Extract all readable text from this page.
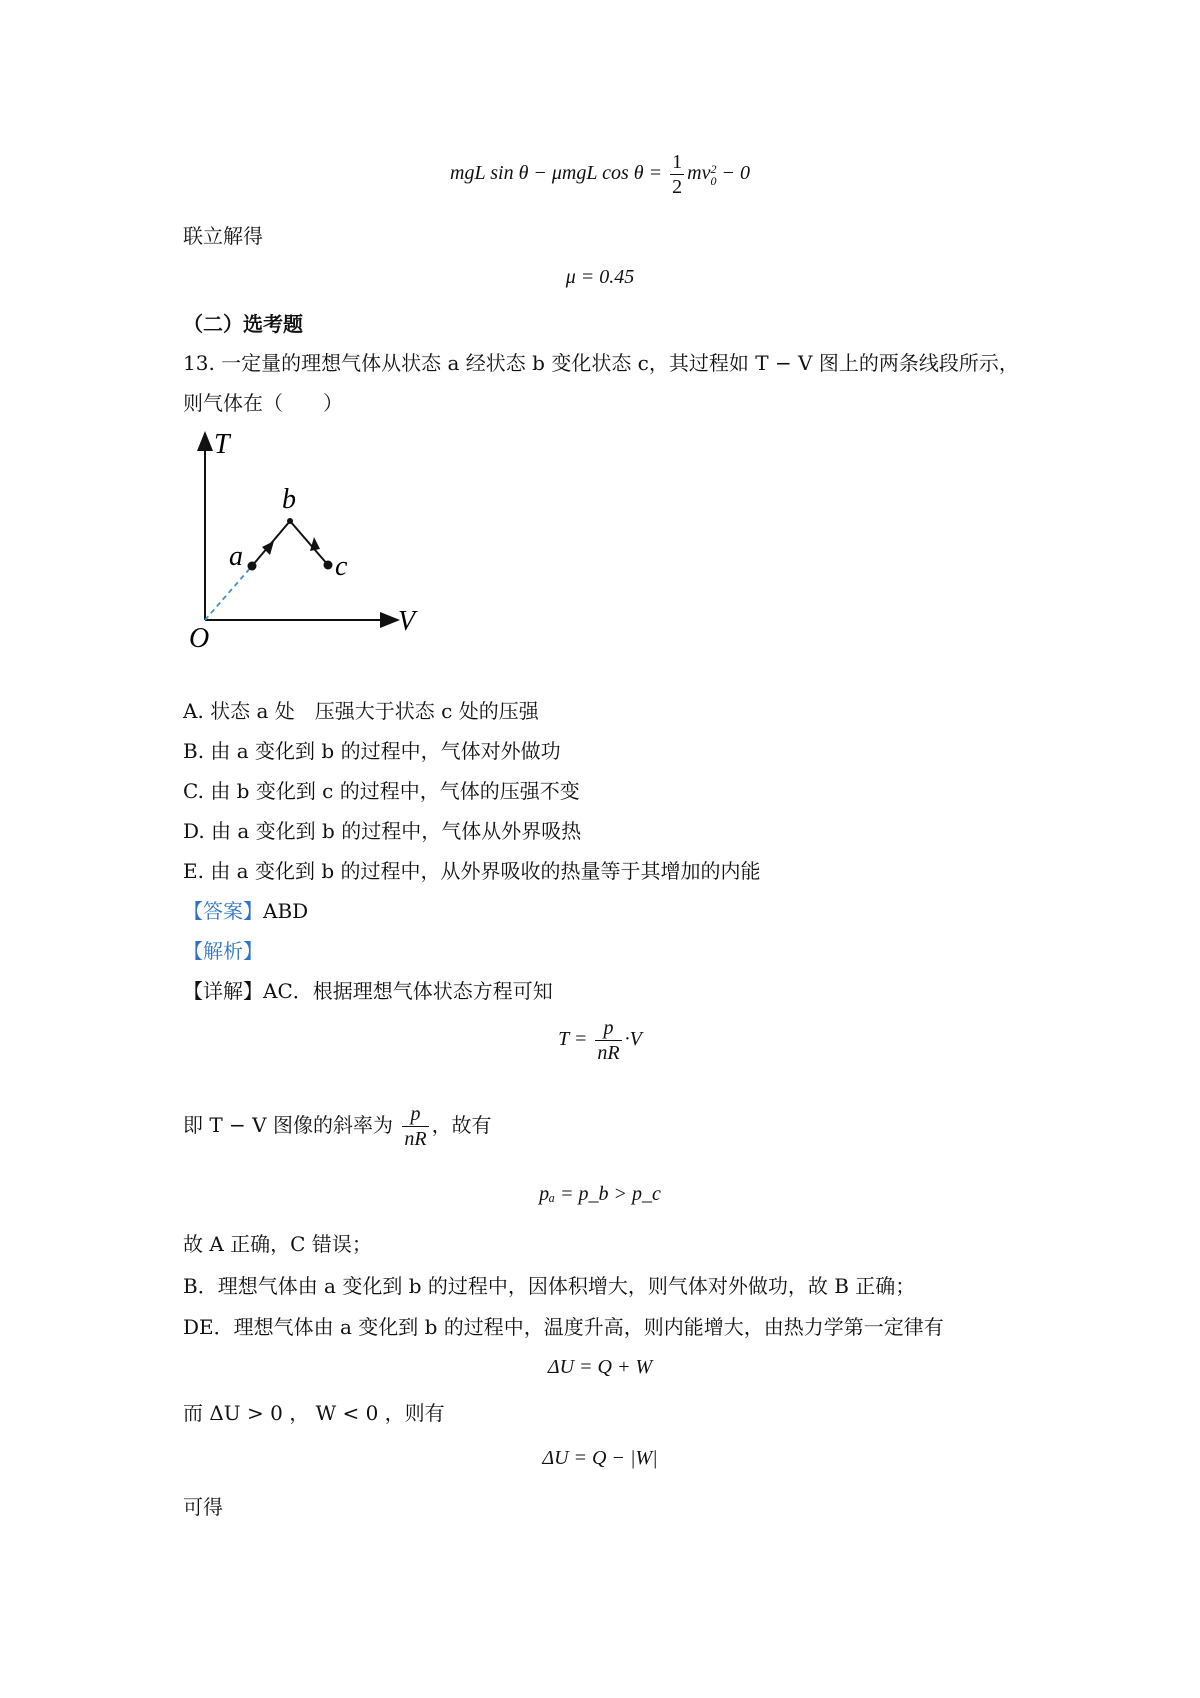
mgL sin θ − μmgL $\cos \theta = \frac{1}{2}$ mv 2
0 − 0
联立解得
μ = 0.45
（二）选考题
13. 一定量的理想气体从状态 a 经状态 b 变化状态 c，其过程如 T − V 图上的两条线段所示，
则气体在（　　）
T
V
O
a
b
c
A. 状态 a 处　压强大于状态 c 处的压强
B. 由 a 变化到 b 的过程中，气体对外做功
C. 由 b 变化到 c 的过程中，气体的压强不变
D. 由 a 变化到 b 的过程中，气体从外界吸热
E. 由 a 变化到 b 的过程中，从外界吸收的热量等于其增加的内能
【答案】ABD
【解析】
【详解】AC．根据理想气体状态方程可知
$T = \frac{p}{nR} \cdot V$
即 T − V 图像的斜率为 $\frac{p}{nR}$ ，故有
pₐ = p_b > p_c
故 A 正确，C 错误；
B．理想气体由 a 变化到 b 的过程中，因体积增大，则气体对外做功，故 B 正确；
DE．理想气体由 a 变化到 b 的过程中，温度升高，则内能增大，由热力学第一定律有
ΔU = Q + W
而 ΔU > 0 ， W < 0 ，则有
ΔU = Q − |W|
可得
